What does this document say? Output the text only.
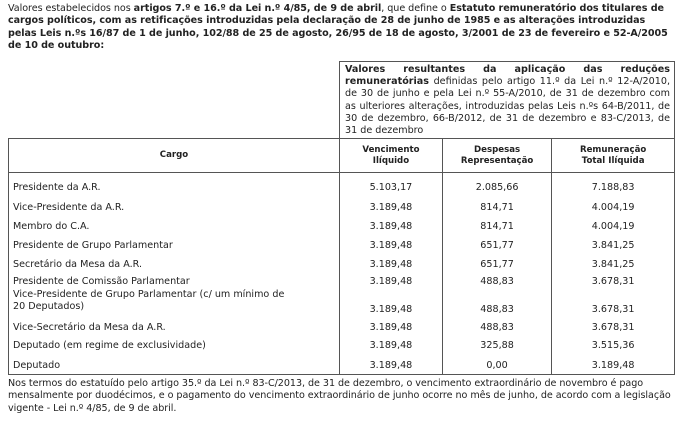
Valores estabelecidos nos artigos 7.º e 16.º da Lei n.º 4/85, de 9 de abril, que define o Estatuto remuneratório dos titulares de cargos políticos, com as retificações introduzidas pela declaração de 28 de junho de 1985 e as alterações introduzidas pelas Leis n.ºs 16/87 de 1 de junho, 102/88 de 25 de agosto, 26/95 de 18 de agosto, 3/2001 de 23 de fevereiro e 52-A/2005 de 10 de outubro:
	Valores resultantes da aplicação das reduções remuneratórias definidas pelo artigo 11.º da Lei n.º 12-A/2010, de 30 de junho e pela Lei n.º 55-A/2010, de 31 de dezembro com as ulteriores alterações, introduzidas pelas Leis n.ºs 64-B/2011, de 30 de dezembro, 66-B/2012, de 31 de dezembro e 83-C/2013, de 31 de dezembro		
Cargo	Vencimento Ilíquido	Despesas Representação	Remuneração Total Ilíquida
Presidente da A.R.	5.103,17	2.085,66	7.188,83
Vice-Presidente da A.R.	3.189,48	814,71	4.004,19
Membro do C.A.	3.189,48	814,71	4.004,19
Presidente de Grupo Parlamentar	3.189,48	651,77	3.841,25
Secretário da Mesa da A.R.	3.189,48	651,77	3.841,25
Presidente de Comissão Parlamentar	3.189,48	488,83	3.678,31
Vice-Presidente de Grupo Parlamentar (c/ um mínimo de 20 Deputados)	3.189,48	488,83	3.678,31
Vice-Secretário da Mesa da A.R.	3.189,48	488,83	3.678,31
Deputado (em regime de exclusividade)	3.189,48	325,88	3.515,36
Deputado	3.189,48	0,00	3.189,48
Nos termos do estatuído pelo artigo 35.º da Lei n.º 83-C/2013, de 31 de dezembro, o vencimento extraordinário de novembro é pago mensalmente por duodécimos, e o pagamento do vencimento extraordinário de junho ocorre no mês de junho, de acordo com a legislação vigente - Lei n.º 4/85, de 9 de abril.
